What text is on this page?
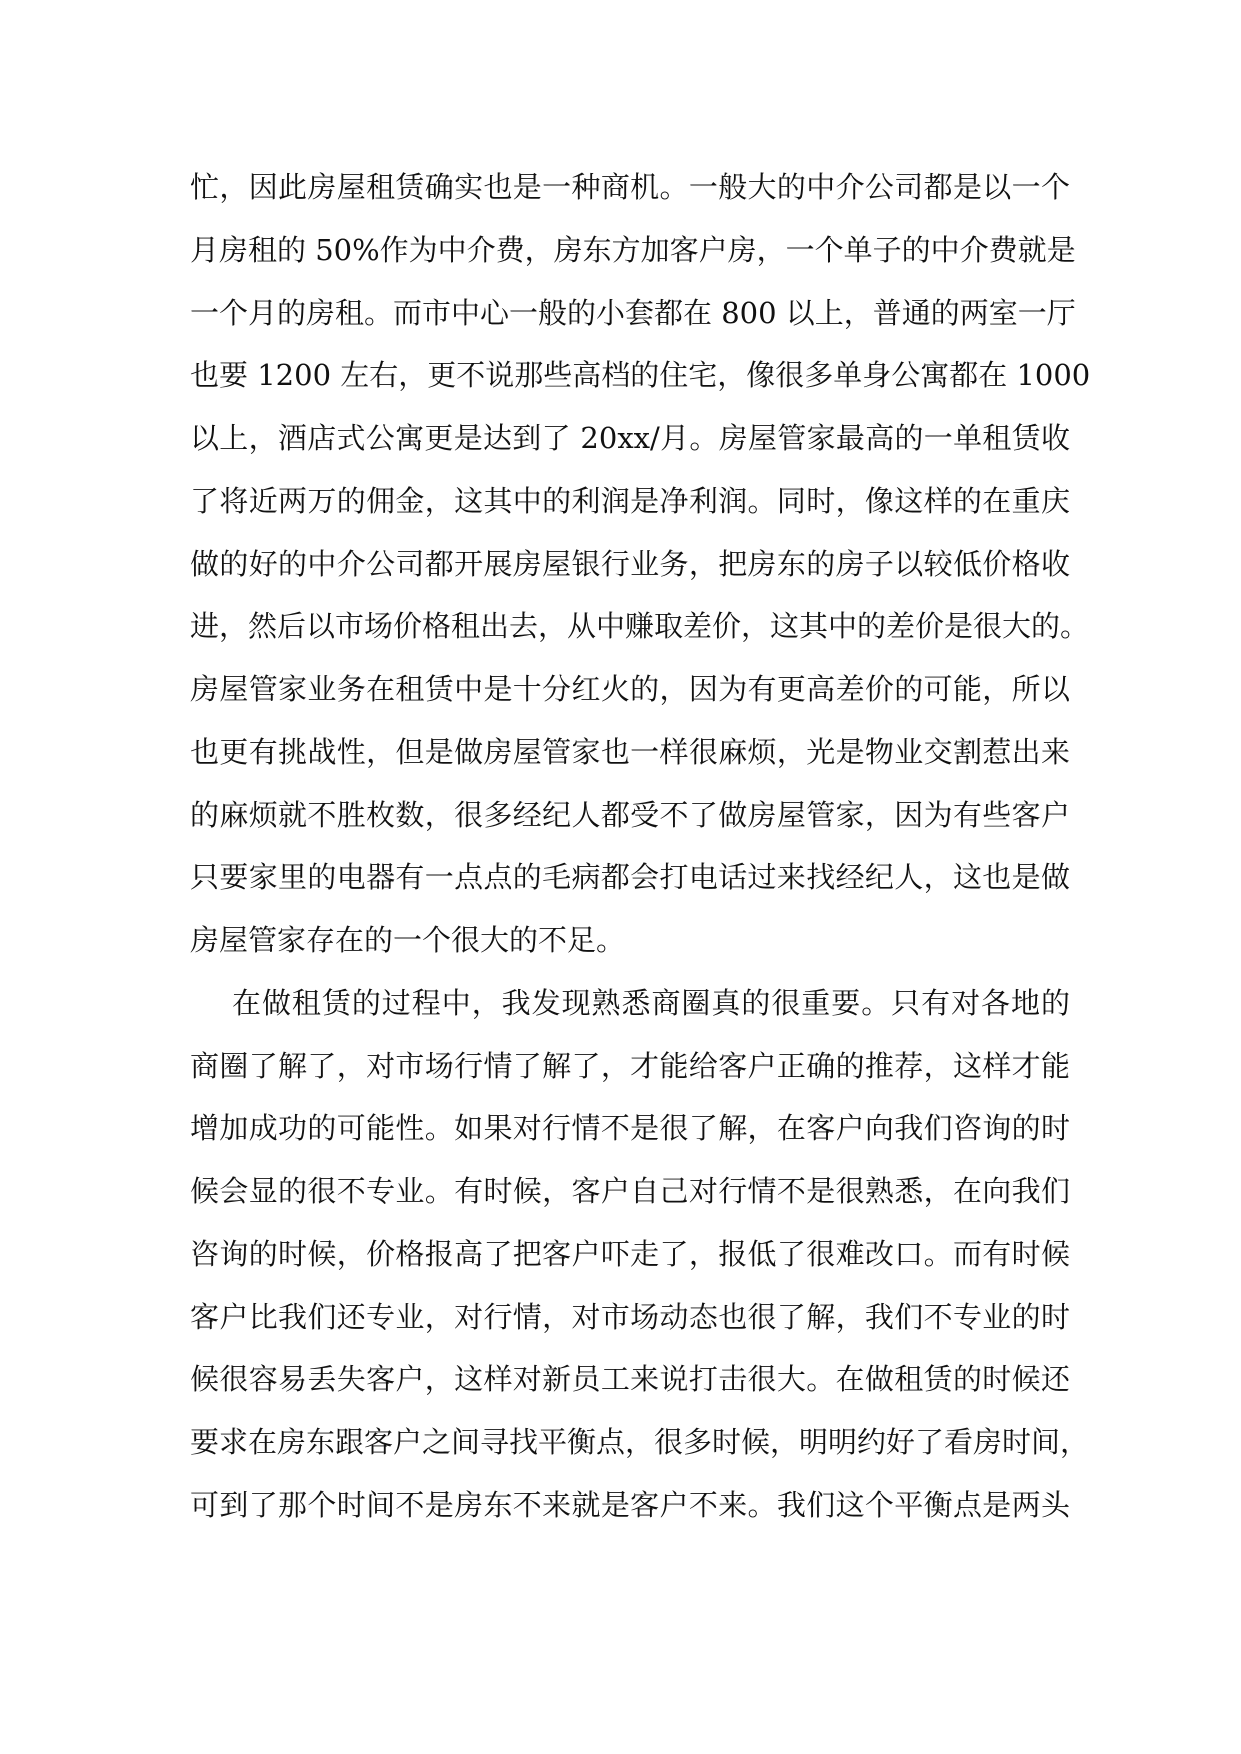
忙，因此房屋租赁确实也是一种商机。一般大的中介公司都是以一个
月房租的 50%作为中介费，房东方加客户房，一个单子的中介费就是
一个月的房租。而市中心一般的小套都在 800 以上，普通的两室一厅
也要 1200 左右，更不说那些高档的住宅，像很多单身公寓都在 1000
以上，酒店式公寓更是达到了 20xx/月。房屋管家最高的一单租赁收
了将近两万的佣金，这其中的利润是净利润。同时，像这样的在重庆
做的好的中介公司都开展房屋银行业务，把房东的房子以较低价格收
进，然后以市场价格租出去，从中赚取差价，这其中的差价是很大的。
房屋管家业务在租赁中是十分红火的，因为有更高差价的可能，所以
也更有挑战性，但是做房屋管家也一样很麻烦，光是物业交割惹出来
的麻烦就不胜枚数，很多经纪人都受不了做房屋管家，因为有些客户
只要家里的电器有一点点的毛病都会打电话过来找经纪人，这也是做
房屋管家存在的一个很大的不足。
在做租赁的过程中，我发现熟悉商圈真的很重要。只有对各地的
商圈了解了，对市场行情了解了，才能给客户正确的推荐，这样才能
增加成功的可能性。如果对行情不是很了解，在客户向我们咨询的时
候会显的很不专业。有时候，客户自己对行情不是很熟悉，在向我们
咨询的时候，价格报高了把客户吓走了，报低了很难改口。而有时候
客户比我们还专业，对行情，对市场动态也很了解，我们不专业的时
候很容易丢失客户，这样对新员工来说打击很大。在做租赁的时候还
要求在房东跟客户之间寻找平衡点，很多时候，明明约好了看房时间，
可到了那个时间不是房东不来就是客户不来。我们这个平衡点是两头
